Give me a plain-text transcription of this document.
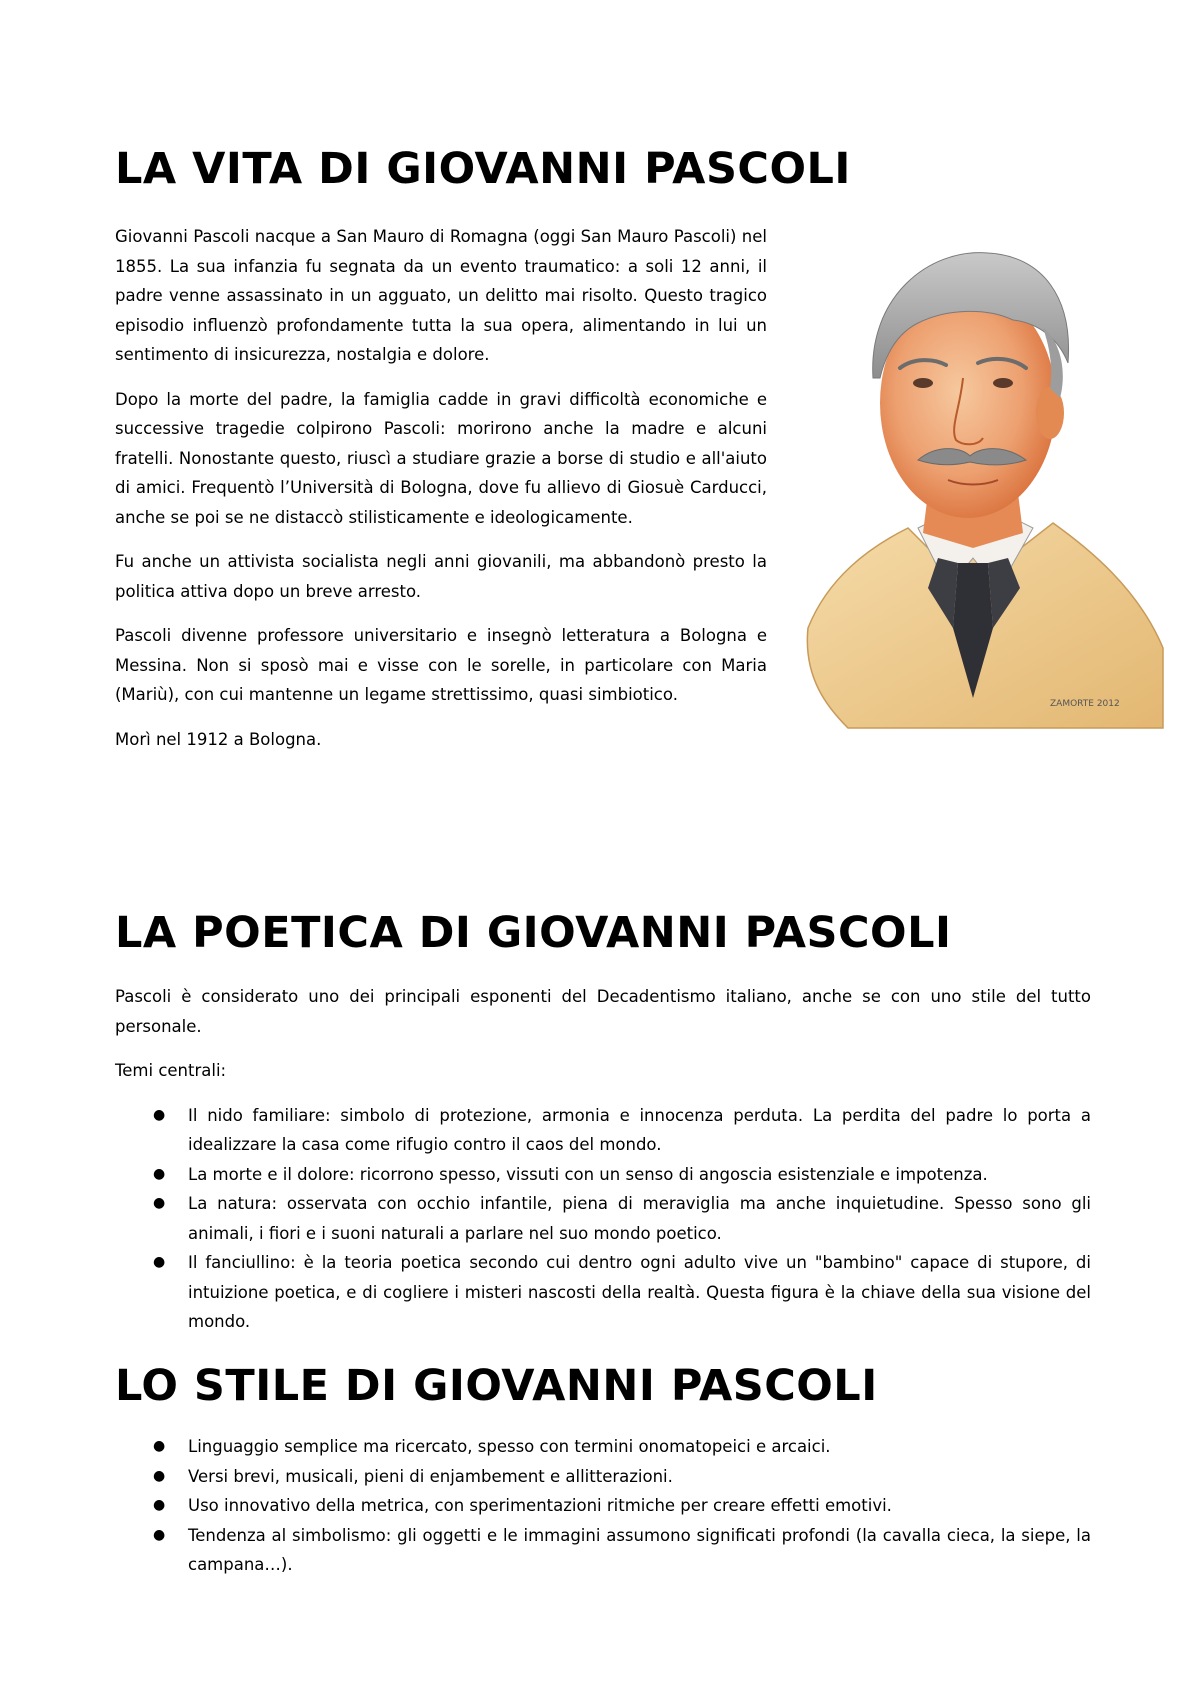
LA VITA DI GIOVANNI PASCOLI

Giovanni Pascoli nacque a San Mauro di Romagna (oggi San Mauro Pascoli) nel 1855. La sua infanzia fu segnata da un evento traumatico: a soli 12 anni, il padre venne assassinato in un agguato, un delitto mai risolto. Questo tragico episodio influenzò profondamente tutta la sua opera, alimentando in lui un sentimento di insicurezza, nostalgia e dolore.

Dopo la morte del padre, la famiglia cadde in gravi difficoltà economiche e successive tragedie colpirono Pascoli: morirono anche la madre e alcuni fratelli. Nonostante questo, riuscì a studiare grazie a borse di studio e all'aiuto di amici. Frequentò l’Università di Bologna, dove fu allievo di Giosuè Carducci, anche se poi se ne distaccò stilisticamente e ideologicamente.

Fu anche un attivista socialista negli anni giovanili, ma abbandonò presto la politica attiva dopo un breve arresto.

Pascoli divenne professore universitario e insegnò letteratura a Bologna e Messina. Non si sposò mai e visse con le sorelle, in particolare con Maria (Mariù), con cui mantenne un legame strettissimo, quasi simbiotico.

Morì nel 1912 a Bologna.

ZAMORTE 2012
LA POETICA DI GIOVANNI PASCOLI

Pascoli è considerato uno dei principali esponenti del Decadentismo italiano, anche se con uno stile del tutto personale.

Temi centrali:

● Il nido familiare: simbolo di protezione, armonia e innocenza perduta. La perdita del padre lo porta a idealizzare la casa come rifugio contro il caos del mondo.
● La morte e il dolore: ricorrono spesso, vissuti con un senso di angoscia esistenziale e impotenza.
● La natura: osservata con occhio infantile, piena di meraviglia ma anche inquietudine. Spesso sono gli animali, i fiori e i suoni naturali a parlare nel suo mondo poetico.
● Il fanciullino: è la teoria poetica secondo cui dentro ogni adulto vive un "bambino" capace di stupore, di intuizione poetica, e di cogliere i misteri nascosti della realtà. Questa figura è la chiave della sua visione del mondo.
LO STILE DI GIOVANNI PASCOLI
● Linguaggio semplice ma ricercato, spesso con termini onomatopeici e arcaici.
● Versi brevi, musicali, pieni di enjambement e allitterazioni.
● Uso innovativo della metrica, con sperimentazioni ritmiche per creare effetti emotivi.
● Tendenza al simbolismo: gli oggetti e le immagini assumono significati profondi (la cavalla cieca, la siepe, la campana…).
